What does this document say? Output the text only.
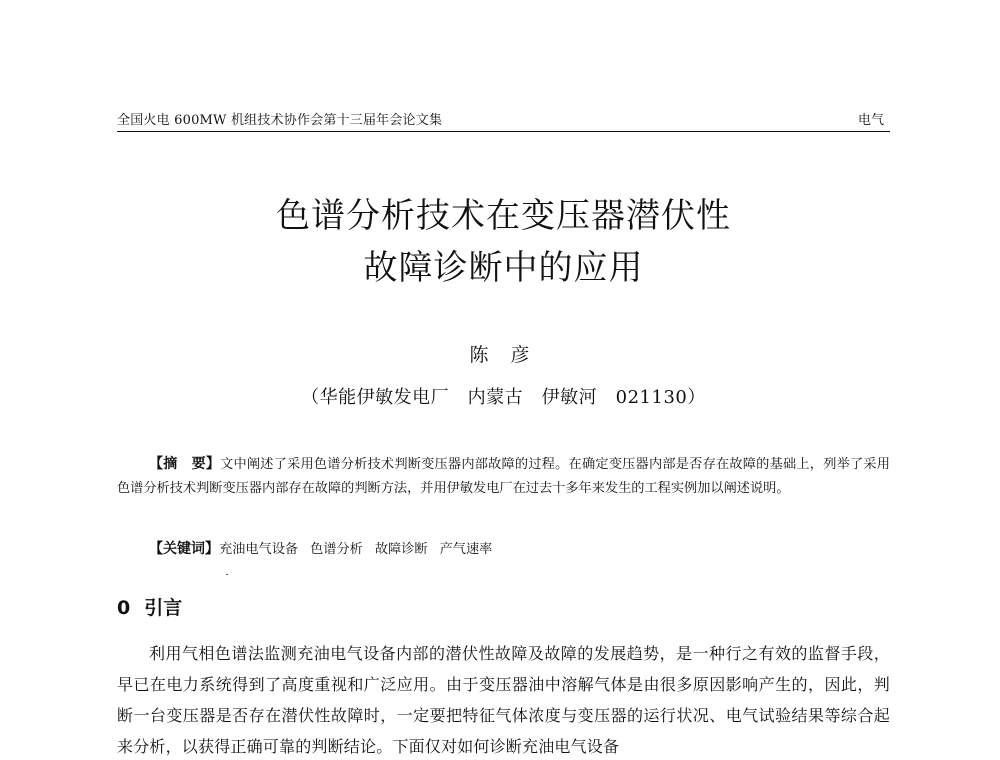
全国火电 600MW 机组技术协作会第十三届年会论文集	电气
色谱分析技术在变压器潜伏性
故障诊断中的应用
陈 彦
（华能伊敏发电厂　内蒙古　伊敏河　021130）
【摘　要】文中阐述了采用色谱分析技术判断变压器内部故障的过程。在确定变压器内部是否存在故障的基础上，列举了采用色谱分析技术判断变压器内部存在故障的判断方法，并用伊敏发电厂在过去十多年来发生的工程实例加以阐述说明。
【关键词】充油电气设备 色谱分析 故障诊断 产气速率
0 引言
利用气相色谱法监测充油电气设备内部的潜伏性故障及故障的发展趋势，是一种行之有效的监督手段，早已在电力系统得到了高度重视和广泛应用。由于变压器油中溶解气体是由很多原因影响产生的，因此，判断一台变压器是否存在潜伏性故障时，一定要把特征气体浓度与变压器的运行状况、电气试验结果等综合起来分析，以获得正确可靠的判断结论。下面仅对如何诊断充油电气设备
